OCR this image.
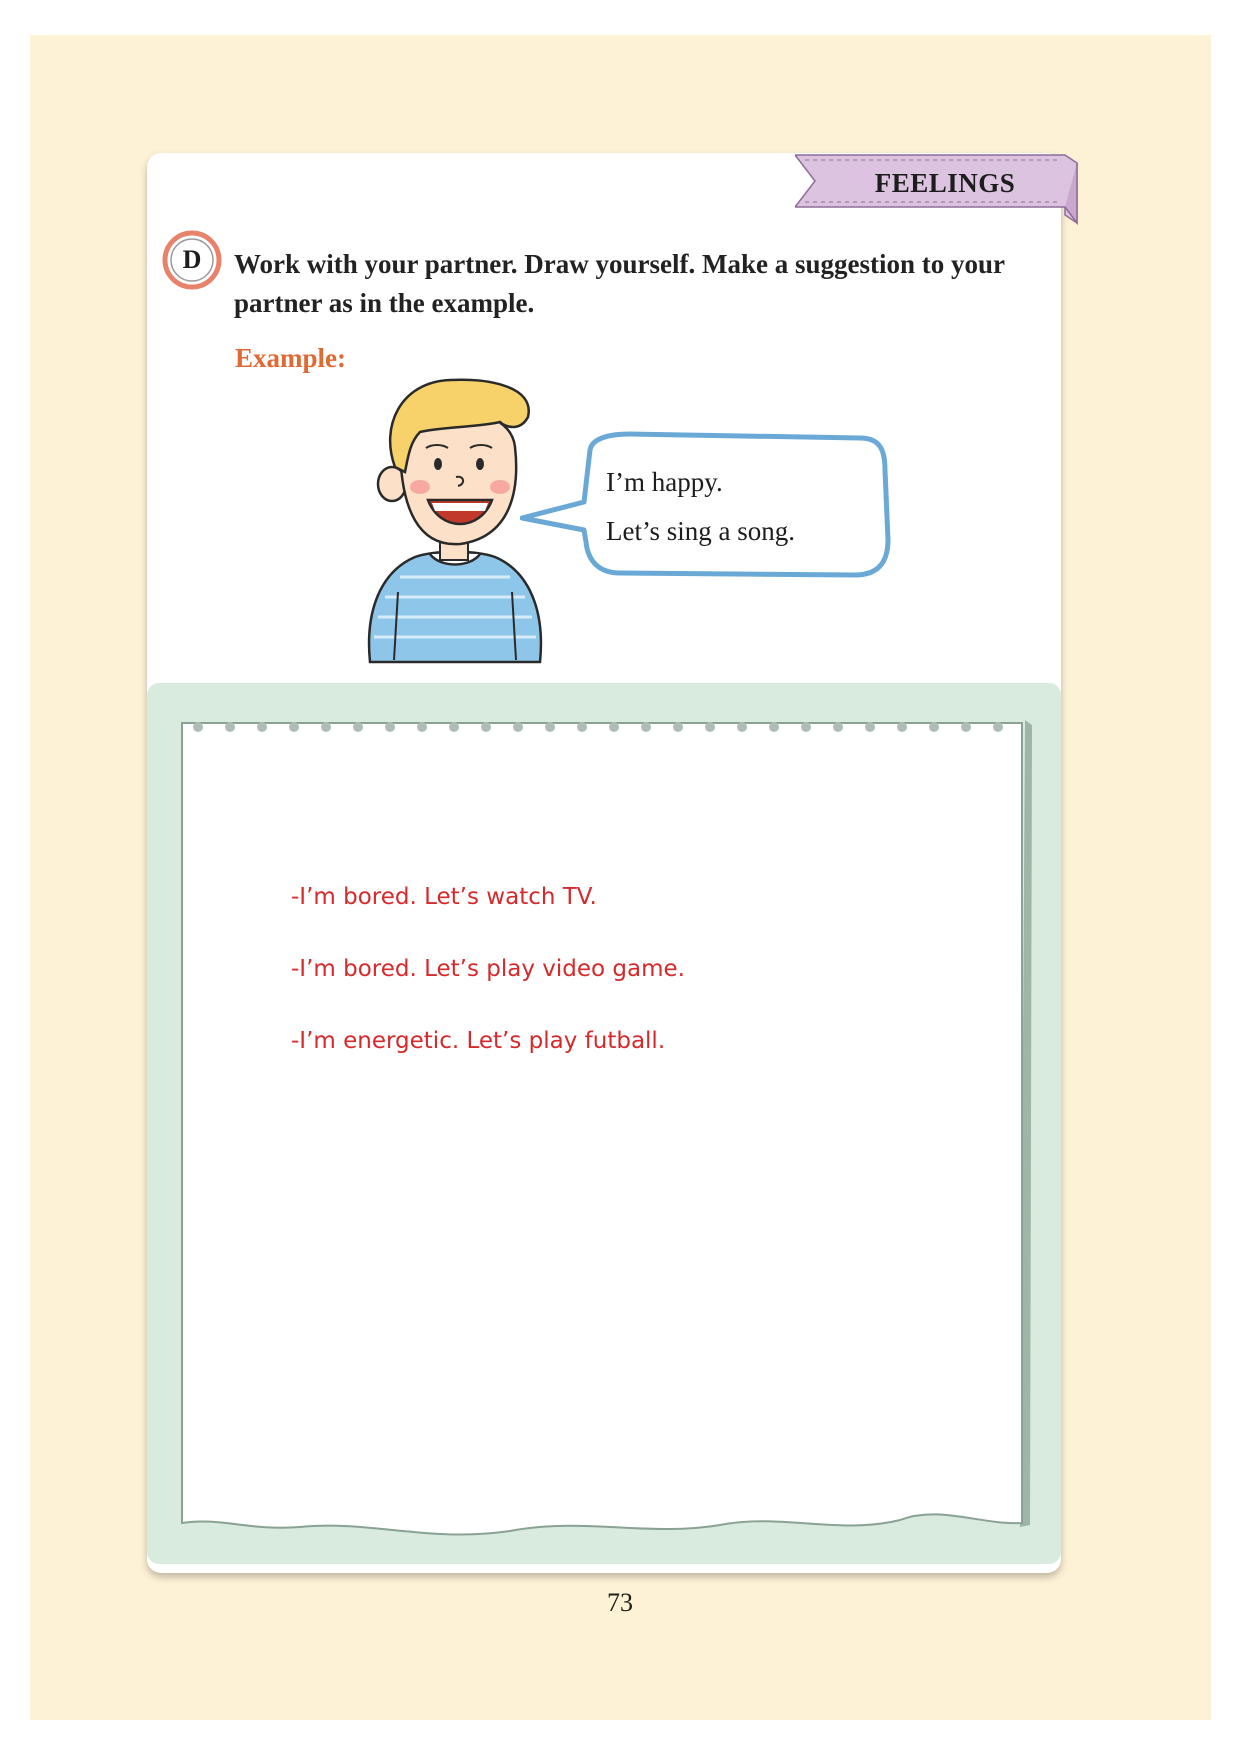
FEELINGS
D	Work with your partner. Draw yourself. Make a suggestion to your partner as in the example.
Example:
I’m happy.
Let’s sing a song.
-I’m bored. Let’s watch TV.
-I’m bored. Let’s play video game.
-I’m energetic. Let’s play futball.
73
